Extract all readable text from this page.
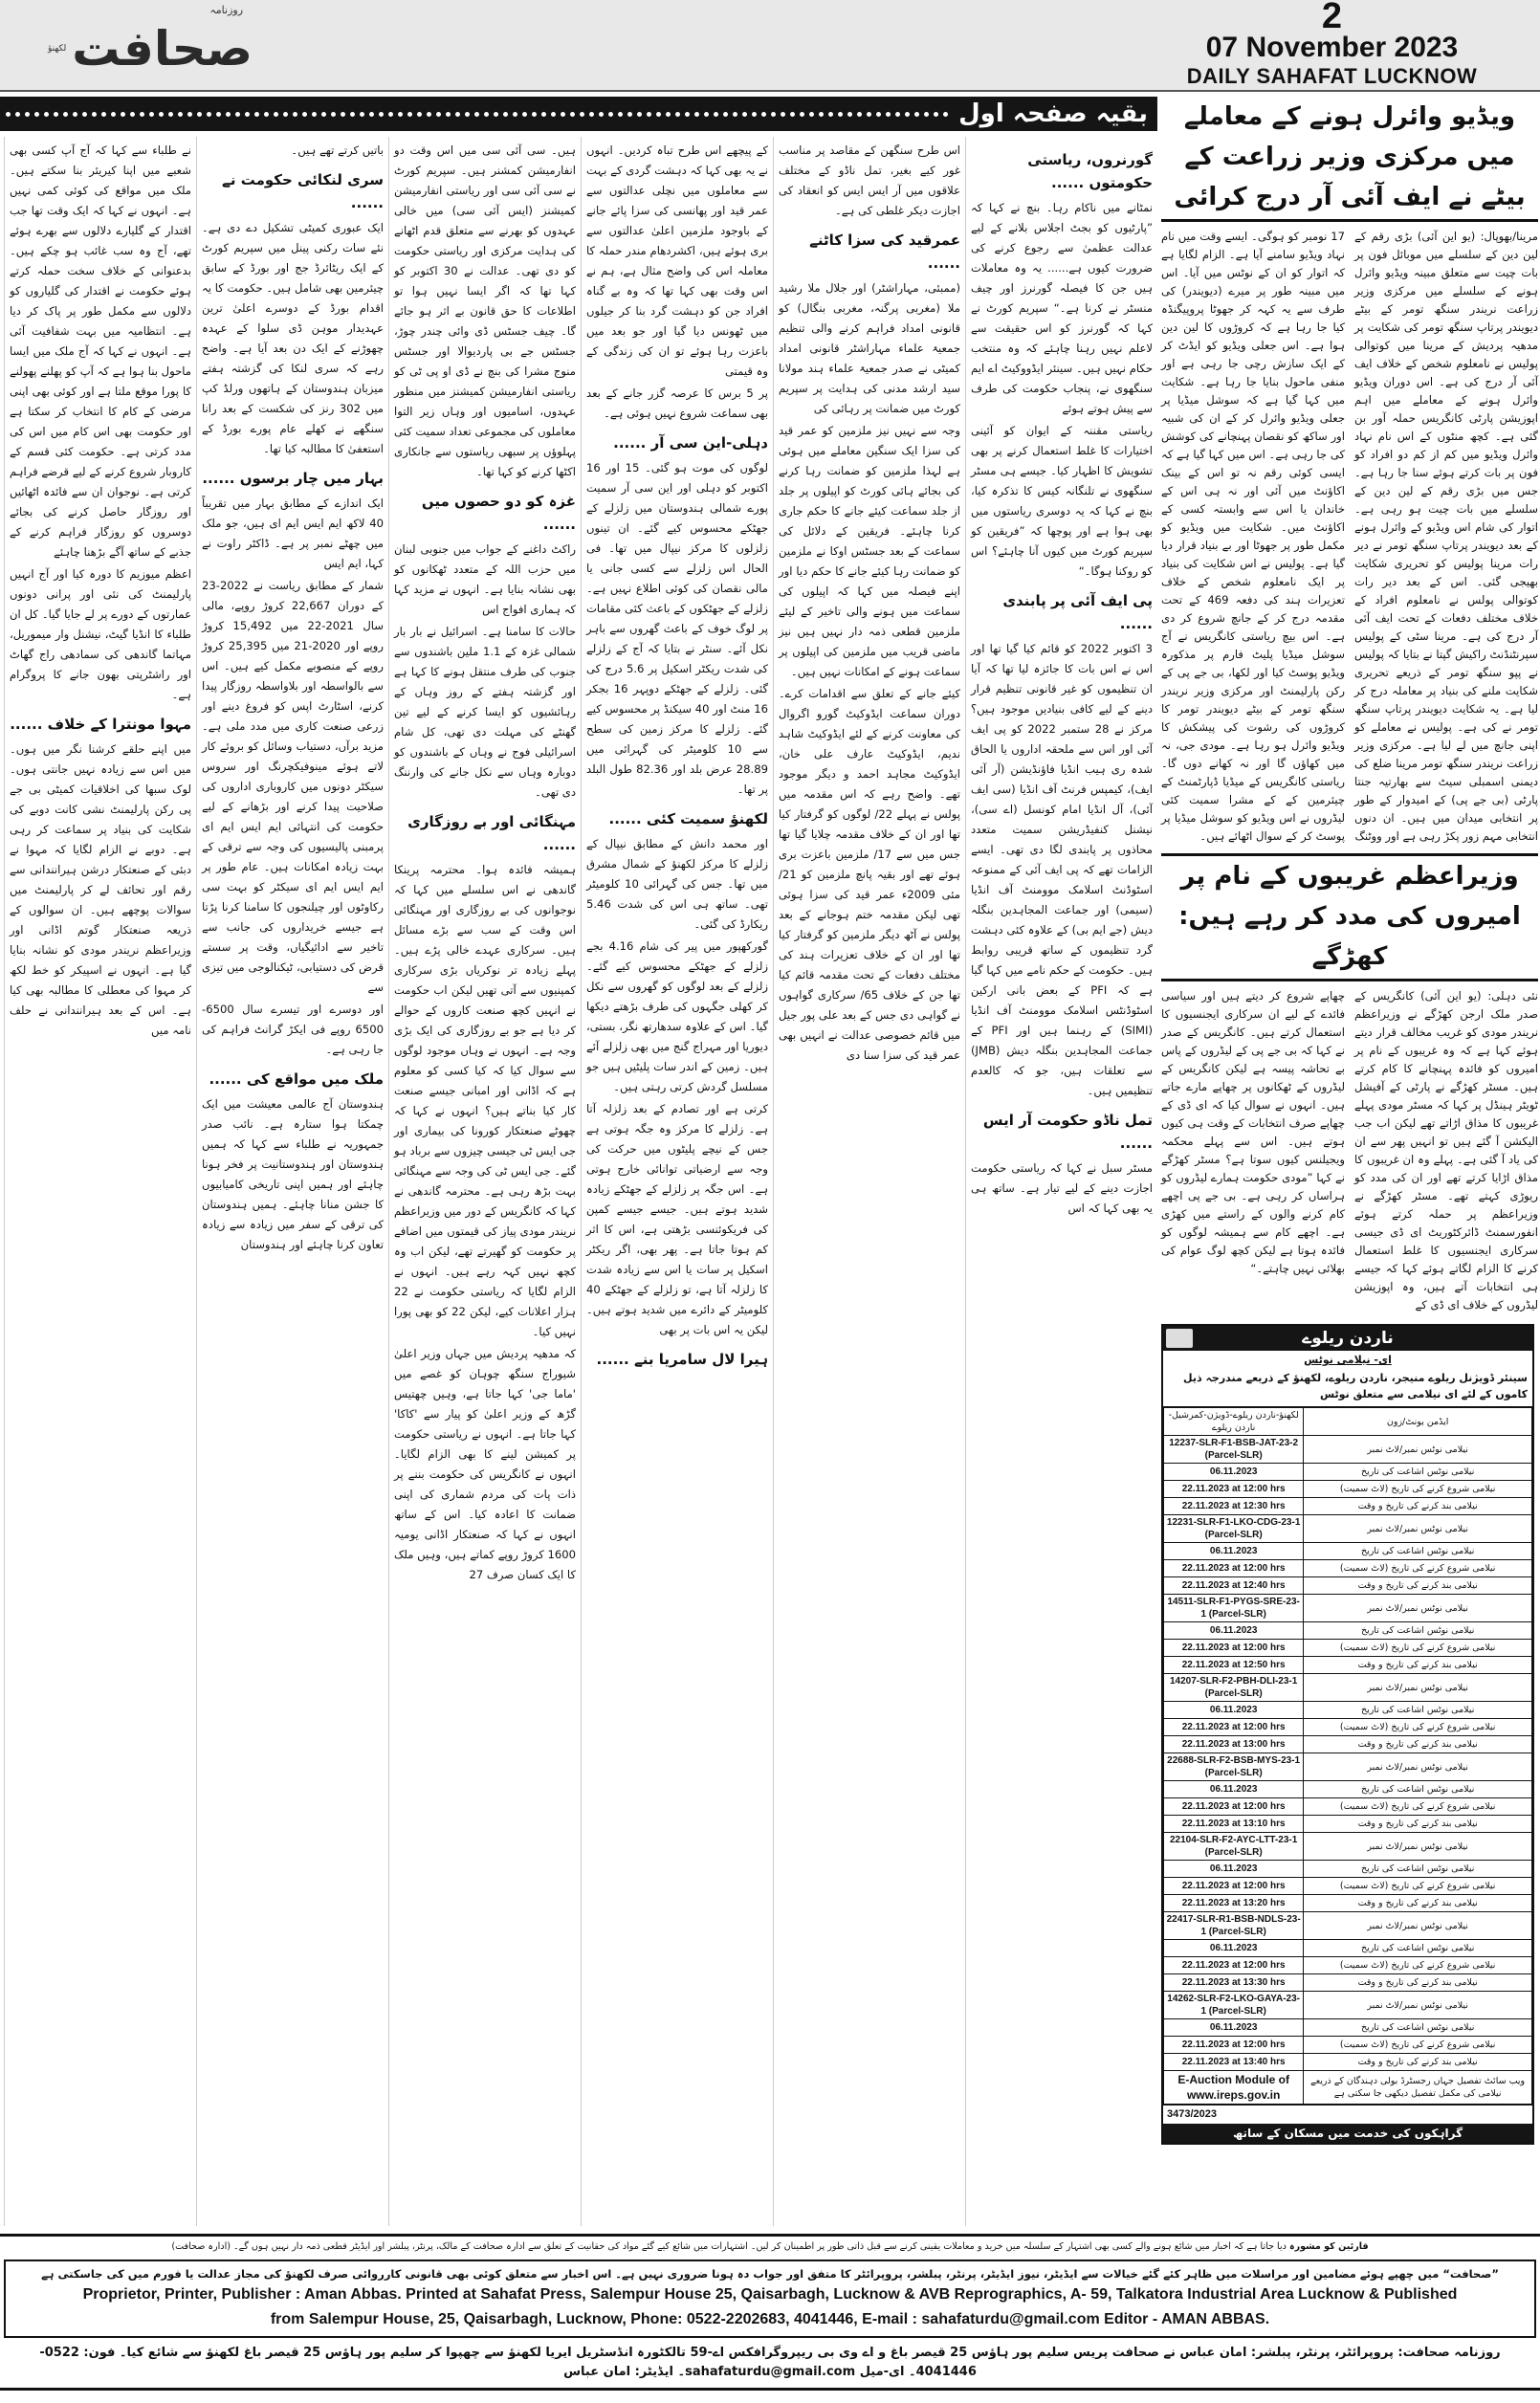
روزنامہ
لکھنؤ صحافت
2
07 November 2023
DAILY SAHAFAT LUCKNOW
بقیہ صفحہ اول
گورنروں، ریاستی حکومتوں ......

نمٹانے میں ناکام رہا۔ بنچ نے کہا کہ ”پارٹیوں کو بجٹ اجلاس بلانے کے لیے عدالت عظمیٰ سے رجوع کرنے کی ضرورت کیوں ہے...... یہ وہ معاملات ہیں جن کا فیصلہ گورنرز اور چیف منسٹر نے کرنا ہے۔“ سپریم کورٹ نے کہا کہ گورنرز کو اس حقیقت سے لاعلم نہیں رہنا چاہئے کہ وہ منتخب حکام نہیں ہیں۔ سینئر ایڈووکیٹ اے ایم سنگھوی نے، پنجاب حکومت کی طرف سے پیش ہوتے ہوئے

ریاستی مقننہ کے ایوان کو آئینی اختیارات کا غلط استعمال کرنے پر بھی تشویش کا اظہار کیا۔ جیسے ہی مسٹر سنگھوی نے تلنگانہ کیس کا تذکرہ کیا، بنچ نے کہا کہ یہ دوسری ریاستوں میں بھی ہوا ہے اور پوچھا کہ ”فریقین کو سپریم کورٹ میں کیوں آنا چاہئے؟ اس کو روکنا ہوگا۔“

پی ایف آئی پر پابندی ......

3 اکتوبر 2022 کو قائم کیا گیا تھا اور اس نے اس بات کا جائزہ لیا تھا کہ آیا ان تنظیموں کو غیر قانونی تنظیم قرار دینے کے لیے کافی بنیادیں موجود ہیں؟ مرکز نے 28 ستمبر 2022 کو پی ایف آئی اور اس سے ملحقہ اداروں یا الحاق شدہ ری ہیب انڈیا فاؤنڈیشن (آر آئی ایف)، کیمپس فرنٹ آف انڈیا (سی ایف آئی)، آل انڈیا امام کونسل (اے سی)، نیشنل کنفیڈریشن سمیت متعدد محاذوں پر پابندی لگا دی تھی۔ ایسے الزامات تھے کہ پی ایف آئی کے ممنوعہ اسٹوڈنٹ اسلامک موومنٹ آف انڈیا (سیمی) اور جماعت المجاہدین بنگلہ دیش (جے ایم بی) کے علاوہ کئی دہشت گرد تنظیموں کے ساتھ قریبی روابط ہیں۔ حکومت کے حکم نامے میں کہا گیا ہے کہ PFI کے بعض بانی ارکین اسٹوڈنٹس اسلامک موومنٹ آف انڈیا (SIMI) کے رہنما ہیں اور PFI کے جماعت المجاہدین بنگلہ دیش (JMB) سے تعلقات ہیں، جو کہ کالعدم تنظیمیں ہیں۔

تمل ناڈو حکومت آر ایس ......

مسٹر سبل نے کہا کہ ریاستی حکومت اجازت دینے کے لیے تیار ہے۔ ساتھ ہی یہ بھی کہا کہ اس

اس طرح سنگھن کے مقاصد پر مناسب غور کیے بغیر، تمل ناڈو کے مختلف علاقوں میں آر ایس ایس کو انعقاد کی اجازت دیکر غلطی کی ہے۔

عمرقید کی سزا کاٹنے ......

(ممبئی، مہاراشٹر) اور جلال ملا رشید ملا (مغربی پرگنہ، مغربی بنگال) کو قانونی امداد فراہم کرنے والی تنظیم جمعیۃ علماء مہاراشٹر قانونی امداد کمیٹی نے صدر جمعیۃ علماء ہند مولانا سید ارشد مدنی کی ہدایت پر سپریم کورٹ میں ضمانت پر رہائی کی

وجہ سے نہیں نیز ملزمین کو عمر قید کی سزا ایک سنگین معاملے میں ہوئی ہے لہذا ملزمین کو ضمانت رہا کرنے کی بجائے ہائی کورٹ کو اپیلوں پر جلد از جلد سماعت کیئے جانے کا حکم جاری کرنا چاہئے۔ فریقین کے دلائل کی سماعت کے بعد جسٹس اوکا نے ملزمین کو ضمانت رہا کیئے جانے کا حکم دیا اور اپنے فیصلہ میں کہا کہ اپیلوں کی سماعت میں ہونے والی تاخیر کے لیئے ملزمین قطعی ذمہ دار نہیں ہیں نیز ماضی قریب میں ملزمین کی اپیلوں پر سماعت ہونے کے امکانات نہیں ہیں۔

کیئے جانے کے تعلق سے اقدامات کرے۔ دوران سماعت ایڈوکیٹ گورو اگروال کی معاونت کرنے کے لئے ایڈوکیٹ شاہد ندیم، ایڈوکیٹ عارف علی خان، ایڈوکیٹ مجاہد احمد و دیگر موجود تھے۔ واضح رہے کہ اس مقدمہ میں پولس نے پہلے 22/ لوگوں کو گرفتار کیا تھا اور ان کے خلاف مقدمہ چلایا گیا تھا جس میں سے 17/ ملزمین باعزت بری ہوئے تھے اور بقیہ پانچ ملزمین کو 21/ مئی 2009ء عمر قید کی سزا ہوئی تھی لیکن مقدمہ ختم ہوجانے کے بعد پولس نے آٹھ دیگر ملزمین کو گرفتار کیا تھا اور ان کے خلاف تعزیرات ہند کی مختلف دفعات کے تحت مقدمہ قائم کیا تھا جن کے خلاف 65/ سرکاری گواہوں نے گواہی دی جس کے بعد علی پور جیل میں قائم خصوصی عدالت نے انہیں بھی عمر قید کی سزا سنا دی

کے پیچھے اس طرح تباہ کردیں۔ انہوں نے یہ بھی کہا کہ دہشت گردی کے بہت سے معاملوں میں نچلی عدالتوں سے عمر قید اور پھانسی کی سزا پائے جانے کے باوجود ملزمین اعلیٰ عدالتوں سے بری ہوئے ہیں، اکشردھام مندر حملہ کا معاملہ اس کی واضح مثال ہے، ہم نے اس وقت بھی کہا تھا کہ وہ بے گناہ افراد جن کو دہشت گرد بنا کر جیلوں میں ٹھونس دیا گیا اور جو بعد میں باعزت رہا ہوئے تو ان کی زندگی کے وہ قیمتی

پر 5 برس کا عرصہ گزر جانے کے بعد بھی سماعت شروع نہیں ہوئی ہے۔

دہلی-این سی آر ......

لوگوں کی موت ہو گئی۔ 15 اور 16 اکتوبر کو دہلی اور این سی آر سمیت پورے شمالی ہندوستان میں زلزلے کے جھٹکے محسوس کیے گئے۔ ان تینوں زلزلوں کا مرکز نیپال میں تھا۔ فی الحال اس زلزلے سے کسی جانی یا مالی نقصان کی کوئی اطلاع نہیں ہے۔ زلزلے کے جھٹکوں کے باعث کئی مقامات پر لوگ خوف کے باعث گھروں سے باہر نکل آئے۔ سنٹر نے بتایا کہ آج کے زلزلے کی شدت ریکٹر اسکیل پر 5.6 درج کی گئی۔ زلزلے کے جھٹکے دوپہر 16 بجکر 16 منٹ اور 40 سیکنڈ پر محسوس کیے گئے۔ زلزلے کا مرکز زمین کی سطح سے 10 کلومیٹر کی گہرائی میں 28.89 عرض بلد اور 82.36 طول البلد پر تھا۔

لکھنؤ سمیت کئی ......

اور محمد دانش کے مطابق نیپال کے زلزلے کا مرکز لکھنؤ کے شمال مشرق میں تھا۔ جس کی گہرائی 10 کلومیٹر تھی۔ ساتھ ہی اس کی شدت 5.46 ریکارڈ کی گئی۔

گورکھپور میں پیر کی شام 4.16 بجے زلزلے کے جھٹکے محسوس کیے گئے۔ زلزلے کے بعد لوگوں کو گھروں سے نکل کر کھلی جگہوں کی طرف بڑھتے دیکھا گیا۔ اس کے علاوہ سدھارتھ نگر، بستی، دیوریا اور مہراج گنج میں بھی زلزلے آئے ہیں۔ زمین کے اندر سات پلیٹیں ہیں جو مسلسل گردش کرتی رہتی ہیں۔

کرتی ہے اور تصادم کے بعد زلزلہ آتا ہے۔ زلزلے کا مرکز وہ جگہ ہوتی ہے جس کے نیچے پلیٹوں میں حرکت کی وجہ سے ارضیاتی توانائی خارج ہوتی ہے۔ اس جگہ پر زلزلے کے جھٹکے زیادہ شدید ہوتے ہیں۔ جیسے جیسے کمپن کی فریکوئنسی بڑھتی ہے، اس کا اثر کم ہوتا جاتا ہے۔ پھر بھی، اگر ریکٹر اسکیل پر سات یا اس سے زیادہ شدت کا زلزلہ آتا ہے، تو زلزلے کے جھٹکے 40 کلومیٹر کے دائرے میں شدید ہوتے ہیں۔ لیکن یہ اس بات پر بھی

ہیرا لال سامریا بنے ......

ہیں۔ سی آئی سی میں اس وقت دو انفارمیشن کمشنر ہیں۔ سپریم کورٹ نے سی آئی سی اور ریاستی انفارمیشن کمیشنز (ایس آئی سی) میں خالی عہدوں کو بھرنے سے متعلق قدم اٹھانے کی ہدایت مرکزی اور ریاستی حکومت کو دی تھی۔ عدالت نے 30 اکتوبر کو کہا تھا کہ اگر ایسا نہیں ہوا تو اطلاعات کا حق قانون بے اثر ہو جائے گا۔ چیف جسٹس ڈی وائی چندر چوڑ، جسٹس جے بی پاردیوالا اور جسٹس منوج مشرا کی بنچ نے ڈی او پی ٹی کو ریاستی انفارمیشن کمیشنز میں منظور عہدوں، اسامیوں اور وہاں زیر التوا معاملوں کی مجموعی تعداد سمیت کئی پہلوؤں پر سبھی ریاستوں سے جانکاری اکٹھا کرنے کو کہا تھا۔

غزہ کو دو حصوں میں ......

راکٹ داغنے کے جواب میں جنوبی لبنان میں حزب اللہ کے متعدد ٹھکانوں کو بھی نشانہ بنایا ہے۔ انہوں نے مزید کہا کہ ہماری افواج اس

حالات کا سامنا ہے۔ اسرائیل نے بار بار شمالی غزہ کے 1.1 ملین باشندوں سے جنوب کی طرف منتقل ہونے کا کہا ہے اور گزشتہ ہفتے کے روز وہاں کے رہائشیوں کو ایسا کرنے کے لیے تین گھنٹے کی مہلت دی تھی، کل شام اسرائیلی فوج نے وہاں کے باشندوں کو دوبارہ وہاں سے نکل جانے کی وارننگ دی تھی۔

مہنگائی اور بے روزگاری ......

ہمیشہ فائدہ ہوا۔ محترمہ پرینکا گاندھی نے اس سلسلے میں کہا کہ نوجوانوں کی بے روزگاری اور مہنگائی اس وقت کے سب سے بڑے مسائل ہیں۔ سرکاری عہدے خالی پڑے ہیں۔ پہلے زیادہ تر نوکریاں بڑی سرکاری کمپنیوں سے آتی تھیں لیکن اب حکومت نے انہیں کچھ صنعت کاروں کے حوالے کر دیا ہے جو بے روزگاری کی ایک بڑی وجہ ہے۔ انہوں نے وہاں موجود لوگوں سے سوال کیا کہ کیا کسی کو معلوم ہے کہ اڈانی اور امبانی جیسے صنعت کار کیا بناتے ہیں؟ انہوں نے کہا کہ چھوٹے صنعتکار کورونا کی بیماری اور جی ایس ٹی جیسی چیزوں سے برباد ہو گئے۔ جی ایس ٹی کی وجہ سے مہنگائی بہت بڑھ رہی ہے۔ محترمہ گاندھی نے کہا کہ کانگریس کے دور میں وزیراعظم نریندر مودی پیاز کی قیمتوں میں اضافے پر حکومت کو گھیرتے تھے، لیکن اب وہ کچھ نہیں کہہ رہے ہیں۔ انہوں نے الزام لگایا کہ ریاستی حکومت نے 22 ہزار اعلانات کیے، لیکن 22 کو بھی پورا نہیں کیا۔

کہ مدھیہ پردیش میں جہاں وزیر اعلیٰ شیوراج سنگھ چوہان کو غصے میں 'ماما جی' کہا جاتا ہے، وہیں چھتیس گڑھ کے وزیر اعلیٰ کو پیار سے 'کاکا' کہا جاتا ہے۔ انہوں نے ریاستی حکومت پر کمیشن لینے کا بھی الزام لگایا۔ انہوں نے کانگریس کی حکومت بننے پر ذات پات کی مردم شماری کی اپنی ضمانت کا اعادہ کیا۔ اس کے ساتھ انہوں نے کہا کہ صنعتکار اڈانی یومیہ 1600 کروڑ روپے کماتے ہیں، وہیں ملک کا ایک کسان صرف 27

باتیں کرتے تھے ہیں۔

سری لنکائی حکومت نے ......

ایک عبوری کمیٹی تشکیل دے دی ہے۔ نئے سات رکنی پینل میں سپریم کورٹ کے ایک ریٹائرڈ جج اور بورڈ کے سابق چیئرمین بھی شامل ہیں۔ حکومت کا یہ اقدام بورڈ کے دوسرے اعلیٰ ترین عہدیدار موہن ڈی سلوا کے عہدہ چھوڑنے کے ایک دن بعد آیا ہے۔ واضح رہے کہ سری لنکا کی گزشتہ ہفتے میزبان ہندوستان کے ہاتھوں ورلڈ کپ میں 302 رنز کی شکست کے بعد رانا سنگھے نے کھلے عام پورے بورڈ کے استعفیٰ کا مطالبہ کیا تھا۔

بہار میں چار برسوں ......

ایک اندازے کے مطابق بہار میں تقریباً 40 لاکھ ایم ایس ایم ای ہیں، جو ملک میں چھٹے نمبر پر ہے۔ ڈاکٹر راوت نے کہا، ایم ایس

شمار کے مطابق ریاست نے 2022-23 کے دوران 22,667 کروڑ روپے، مالی سال 2021-22 میں 15,492 کروڑ روپے اور 2020-21 میں 25,395 کروڑ روپے کے منصوبے مکمل کیے ہیں۔ اس سے بالواسطہ اور بلاواسطہ روزگار پیدا کرنے، اسٹارٹ اپس کو فروغ دینے اور زرعی صنعت کاری میں مدد ملی ہے۔ مزید برآں، دستیاب وسائل کو بروئے کار لاتے ہوئے مینوفیکچرنگ اور سروس سیکٹر دونوں میں کاروباری اداروں کی صلاحیت پیدا کرنے اور بڑھانے کے لیے حکومت کی انتہائی ایم ایس ایم ای پرمبنی پالیسیوں کی وجہ سے ترقی کے بہت زیادہ امکانات ہیں۔ عام طور پر ایم ایس ایم ای سیکٹر کو بہت سی رکاوٹوں اور چیلنجوں کا سامنا کرنا پڑتا ہے جیسے خریداروں کی جانب سے تاخیر سے ادائیگیاں، وقت پر سستے قرض کی دستیابی، ٹیکنالوجی میں تیزی سے

اور دوسرے اور تیسرے سال 6500-6500 روپے فی ایکڑ گرانٹ فراہم کی جا رہی ہے۔

ملک میں مواقع کی ......

ہندوستان آج عالمی معیشت میں ایک چمکتا ہوا ستارہ ہے۔ نائب صدر جمہوریہ نے طلباء سے کہا کہ ہمیں ہندوستان اور ہندوستانیت پر فخر ہونا چاہئے اور ہمیں اپنی تاریخی کامیابیوں کا جشن منانا چاہئے۔ ہمیں ہندوستان کی ترقی کے سفر میں زیادہ سے زیادہ تعاون کرنا چاہئے اور ہندوستان

نے طلباء سے کہا کہ آج آپ کسی بھی شعبے میں اپنا کیریئر بنا سکتے ہیں۔ ملک میں مواقع کی کوئی کمی نہیں ہے۔ انہوں نے کہا کہ ایک وقت تھا جب اقتدار کے گلیارے دلالوں سے بھرے ہوئے تھے، آج وہ سب غائب ہو چکے ہیں۔ بدعنوانی کے خلاف سخت حملہ کرتے ہوئے حکومت نے اقتدار کی گلیاروں کو دلالوں سے مکمل طور پر پاک کر دیا ہے۔ انتظامیہ میں بہت شفافیت آئی ہے۔ انہوں نے کہا کہ آج ملک میں ایسا ماحول بنا ہوا ہے کہ آپ کو پھلنے پھولنے کا پورا موقع ملتا ہے اور کوئی بھی اپنی مرضی کے کام کا انتخاب کر سکتا ہے اور حکومت بھی اس کام میں اس کی مدد کرتی ہے۔ حکومت کئی قسم کے کاروبار شروع کرنے کے لیے قرضے فراہم کرتی ہے۔ نوجوان ان سے فائدہ اٹھائیں اور روزگار حاصل کرنے کی بجائے دوسروں کو روزگار فراہم کرنے کے جذبے کے ساتھ آگے بڑھنا چاہئے

اعظم میوزیم کا دورہ کیا اور آج انہیں پارلیمنٹ کی نئی اور پرانی دونوں عمارتوں کے دورے پر لے جایا گیا۔ کل ان طلباء کا انڈیا گیٹ، نیشنل وار میموریل، مہاتما گاندھی کی سمادھی راج گھاٹ اور راشٹرپتی بھون جانے کا پروگرام ہے۔

مہوا مونترا کے خلاف ......

میں اپنے حلقے کرشنا نگر میں ہوں۔ میں اس سے زیادہ نہیں جانتی ہوں۔ لوک سبھا کی اخلاقیات کمیٹی بی جے پی رکن پارلیمنٹ نشی کانت دوبے کی شکایت کی بنیاد پر سماعت کر رہی ہے۔ دوبے نے الزام لگایا کہ مہوا نے دبئی کے صنعتکار درشن ہیرانندانی سے رقم اور تحائف لے کر پارلیمنٹ میں سوالات پوچھے ہیں۔ ان سوالوں کے ذریعہ صنعتکار گوتم اڈانی اور وزیراعظم نریندر مودی کو نشانہ بنایا گیا ہے۔ انہوں نے اسپیکر کو خط لکھ کر مہوا کی معطلی کا مطالبہ بھی کیا ہے۔ اس کے بعد ہیرانندانی نے حلف نامہ میں

ویڈیو وائرل ہونے کے معاملے میں مرکزی وزیر زراعت کے بیٹے نے ایف آئی آر درج کرائی

مرینا/بھوپال: (یو این آئی) بڑی رقم کے لین دین کے سلسلے میں موبائل فون پر بات چیت سے متعلق مبینہ ویڈیو وائرل ہونے کے سلسلے میں مرکزی وزیر زراعت نریندر سنگھ تومر کے بیٹے دیویندر پرتاپ سنگھ تومر کی شکایت پر مدھیہ پردیش کے مرینا میں کوتوالی پولیس نے نامعلوم شخص کے خلاف ایف آئی آر درج کی ہے۔ اس دوران ویڈیو وائرل ہونے کے معاملے میں اہم اپوزیشن پارٹی کانگریس حملہ آور بن گئی ہے۔ کچھ منٹوں کے اس نام نہاد وائرل ویڈیو میں کم از کم دو افراد کو فون پر بات کرتے ہوئے سنا جا رہا ہے۔ جس میں بڑی رقم کے لین دین کے سلسلے میں بات چیت ہو رہی ہے۔ اتوار کی شام اس ویڈیو کے وائرل ہونے کے بعد دیویندر پرتاپ سنگھ تومر نے دیر رات مرینا پولیس کو تحریری شکایت بھیجی گئی۔ اس کے بعد دیر رات کوتوالی پولس نے نامعلوم افراد کے خلاف مختلف دفعات کے تحت ایف آئی آر درج کی ہے۔ مرینا سٹی کے پولیس سپرنٹنڈنٹ راکیش گپتا نے بتایا کہ پولیس نے پپو سنگھ تومر کے ذریعے تحریری شکایت ملنے کی بنیاد پر معاملہ درج کر لیا ہے۔ یہ شکایت دیویندر پرتاپ سنگھ تومر نے کی ہے۔ پولیس نے معاملے کو اپنی جانچ میں لے لیا ہے۔ مرکزی وزیر زراعت نریندر سنگھ تومر مرینا ضلع کی دیمنی اسمبلی سیٹ سے بھارتیہ جنتا پارٹی (بی جے پی) کے امیدوار کے طور پر انتخابی میدان میں ہیں۔ ان دنوں انتخابی مہم زور پکڑ رہی ہے اور ووٹنگ

17 نومبر کو ہوگی۔ ایسے وقت میں نام نہاد ویڈیو سامنے آیا ہے۔ الزام لگایا ہے کہ اتوار کو ان کے نوٹس میں آیا۔ اس میں مبینہ طور پر میرے (دیویندر) کی طرف سے یہ کہہ کر جھوٹا پروپیگنڈہ کیا جا رہا ہے کہ کروڑوں کا لین دین ہوا ہے۔ اس جعلی ویڈیو کو ایڈٹ کر کے ایک سازش رچی جا رہی ہے اور منفی ماحول بنایا جا رہا ہے۔ شکایت میں کہا گیا ہے کہ سوشل میڈیا پر جعلی ویڈیو وائرل کر کے ان کی شبیہ اور ساکھ کو نقصان پہنچانے کی کوشش کی جا رہی ہے۔ اس میں کہا گیا ہے کہ ایسی کوئی رقم نہ تو اس کے بینک اکاؤنٹ میں آئی اور نہ ہی اس کے خاندان یا اس سے وابستہ کسی کے اکاؤنٹ میں۔ شکایت میں ویڈیو کو مکمل طور پر جھوٹا اور بے بنیاد قرار دیا گیا ہے۔ پولیس نے اس شکایت کی بنیاد پر ایک نامعلوم شخص کے خلاف تعزیرات ہند کی دفعہ 469 کے تحت مقدمہ درج کر کے جانچ شروع کر دی ہے۔ اس بیچ ریاستی کانگریس نے آج سوشل میڈیا پلیٹ فارم پر مذکورہ ویڈیو پوسٹ کیا اور لکھا، بی جے پی کے رکن پارلیمنٹ اور مرکزی وزیر نریندر سنگھ تومر کے بیٹے دیویندر تومر کا کروڑوں کی رشوت کی پیشکش کا ویڈیو وائرل ہو رہا ہے۔ مودی جی، نہ میں کھاؤں گا اور نہ کھانے دوں گا۔ ریاستی کانگریس کے میڈیا ڈپارٹمنٹ کے چیئرمین کے کے مشرا سمیت کئی لیڈروں نے اس ویڈیو کو سوشل میڈیا پر پوسٹ کر کے سوال اٹھائے ہیں۔

وزیراعظم غریبوں کے نام پر امیروں کی مدد کر رہے ہیں: کھڑگے

نئی دہلی: (یو این آئی) کانگریس کے صدر ملک ارجن کھڑگے نے وزیراعظم نریندر مودی کو غریب مخالف قرار دیتے ہوئے کہا ہے کہ وہ غریبوں کے نام پر امیروں کو فائدہ پہنچانے کا کام کرتے ہیں۔ مسٹر کھڑگے نے پارٹی کے آفیشل ٹویٹر ہینڈل پر کہا کہ مسٹر مودی پہلے غریبوں کا مذاق اڑاتے تھے لیکن اب جب الیکشن آ گئے ہیں تو انہیں پھر سے ان کی یاد آ گئی ہے۔ پہلے وہ ان غریبوں کا مذاق اڑایا کرتے تھے اور ان کی مدد کو ریوڑی کہتے تھے۔ مسٹر کھڑگے نے وزیراعظم پر حملہ کرتے ہوئے انفورسمنٹ ڈائرکٹوریٹ ای ڈی جیسی سرکاری ایجنسیوں کا غلط استعمال کرنے کا الزام لگاتے ہوئے کہا کہ جیسے ہی انتخابات آتے ہیں، وہ اپوزیشن لیڈروں کے خلاف ای ڈی کے

چھاپے شروع کر دیتے ہیں اور سیاسی فائدے کے لیے ان سرکاری ایجنسیوں کا استعمال کرتے ہیں۔ کانگریس کے صدر نے کہا کہ بی جے پی کے لیڈروں کے پاس بے تحاشہ پیسہ ہے لیکن کانگریس کے لیڈروں کے ٹھکانوں پر چھاپے مارے جاتے ہیں۔ انہوں نے سوال کیا کہ ای ڈی کے چھاپے صرف انتخابات کے وقت ہی کیوں ہوتے ہیں۔ اس سے پہلے محکمہ ویجیلنس کیوں سوتا ہے؟ مسٹر کھڑگے نے کہا ”مودی حکومت ہمارے لیڈروں کو ہراساں کر رہی ہے۔ بی جے پی اچھے کام کرنے والوں کے راستے میں کھڑی ہے۔ اچھے کام سے ہمیشہ لوگوں کو فائدہ ہوتا ہے لیکن کچھ لوگ عوام کی بھلائی نہیں چاہتے۔“

ناردن ریلوے
ای- نیلامی نوٹس
سینئر ڈویژنل ریلوے منیجر، ناردن ریلوے، لکھنؤ کے ذریعے مندرجہ ذیل کاموں کے لئے ای نیلامی سے متعلق نوٹس
لکھنؤ-ناردن ریلوے-ڈویژن-کمرشیل-ناردن ریلوے	ایڈمن یونٹ/زون
12237-SLR-F1-BSB-JAT-23-2 (Parcel-SLR)	نیلامی نوٹس نمبر/لاٹ نمبر
06.11.2023	نیلامی نوٹس اشاعت کی تاریخ
22.11.2023 at 12:00 hrs	نیلامی شروع کرنے کی تاریخ (لاٹ سمیت)
22.11.2023 at 12:30 hrs	نیلامی بند کرنے کی تاریخ و وقت
12231-SLR-F1-LKO-CDG-23-1 (Parcel-SLR)	نیلامی نوٹس نمبر/لاٹ نمبر
06.11.2023	نیلامی نوٹس اشاعت کی تاریخ
22.11.2023 at 12:00 hrs	نیلامی شروع کرنے کی تاریخ (لاٹ سمیت)
22.11.2023 at 12:40 hrs	نیلامی بند کرنے کی تاریخ و وقت
14511-SLR-F1-PYGS-SRE-23-1 (Parcel-SLR)	نیلامی نوٹس نمبر/لاٹ نمبر
06.11.2023	نیلامی نوٹس اشاعت کی تاریخ
22.11.2023 at 12:00 hrs	نیلامی شروع کرنے کی تاریخ (لاٹ سمیت)
22.11.2023 at 12:50 hrs	نیلامی بند کرنے کی تاریخ و وقت
14207-SLR-F2-PBH-DLI-23-1 (Parcel-SLR)	نیلامی نوٹس نمبر/لاٹ نمبر
06.11.2023	نیلامی نوٹس اشاعت کی تاریخ
22.11.2023 at 12:00 hrs	نیلامی شروع کرنے کی تاریخ (لاٹ سمیت)
22.11.2023 at 13:00 hrs	نیلامی بند کرنے کی تاریخ و وقت
22688-SLR-F2-BSB-MYS-23-1 (Parcel-SLR)	نیلامی نوٹس نمبر/لاٹ نمبر
06.11.2023	نیلامی نوٹس اشاعت کی تاریخ
22.11.2023 at 12:00 hrs	نیلامی شروع کرنے کی تاریخ (لاٹ سمیت)
22.11.2023 at 13:10 hrs	نیلامی بند کرنے کی تاریخ و وقت
22104-SLR-F2-AYC-LTT-23-1 (Parcel-SLR)	نیلامی نوٹس نمبر/لاٹ نمبر
06.11.2023	نیلامی نوٹس اشاعت کی تاریخ
22.11.2023 at 12:00 hrs	نیلامی شروع کرنے کی تاریخ (لاٹ سمیت)
22.11.2023 at 13:20 hrs	نیلامی بند کرنے کی تاریخ و وقت
22417-SLR-R1-BSB-NDLS-23-1 (Parcel-SLR)	نیلامی نوٹس نمبر/لاٹ نمبر
06.11.2023	نیلامی نوٹس اشاعت کی تاریخ
22.11.2023 at 12:00 hrs	نیلامی شروع کرنے کی تاریخ (لاٹ سمیت)
22.11.2023 at 13:30 hrs	نیلامی بند کرنے کی تاریخ و وقت
14262-SLR-F2-LKO-GAYA-23-1 (Parcel-SLR)	نیلامی نوٹس نمبر/لاٹ نمبر
06.11.2023	نیلامی نوٹس اشاعت کی تاریخ
22.11.2023 at 12:00 hrs	نیلامی شروع کرنے کی تاریخ (لاٹ سمیت)
22.11.2023 at 13:40 hrs	نیلامی بند کرنے کی تاریخ و وقت

E-Auction Module of
www.ireps.gov.in	ویب سائٹ تفصیل جہاں رجسٹرڈ بولی دہندگان کے ذریعے نیلامی کی مکمل تفصیل دیکھی جا سکتی ہے
3473/2023
گراہکوں کی خدمت میں مسکان کے ساتھ
قارئین کو مشورہ دیا جاتا ہے کہ اخبار میں شائع ہونے والے کسی بھی اشتہار کے سلسلہ میں خرید و معاملات یقینی کرنے سے قبل ذاتی طور پر اطمینان کر لیں۔ اشتہارات میں شائع کیے گئے مواد کی حقانیت کے تعلق سے ادارہ صحافت کے مالک، پرنٹر، پبلشر اور ایڈیٹر قطعی ذمہ دار نہیں ہوں گے۔ (ادارہ صحافت)
”صحافت“ میں چھپے ہوئے مضامین اور مراسلات میں ظاہر کئے گئے خیالات سے ایڈیٹر، نیوز ایڈیٹر، پرنٹر، پبلشر، پروپرائٹر کا متفق اور جواب دہ ہونا ضروری نہیں ہے۔ اس اخبار سے متعلق کوئی بھی قانونی کارروائی صرف لکھنؤ کی مجاز عدالت یا فورم میں کی جاسکتی ہے
Proprietor, Printer, Publisher : Aman Abbas. Printed at Sahafat Press, Salempur House 25, Qaisarbagh, Lucknow & AVB Reprographics, A- 59, Talkatora Industrial Area Lucknow & Published
from Salempur House, 25, Qaisarbagh, Lucknow, Phone: 0522-2202683, 4041446, E-mail : sahafaturdu@gmail.com Editor - AMAN ABBAS.
روزنامہ صحافت: پروپرائٹر، پرنٹر، پبلشر: امان عباس نے صحافت پریس سلیم پور ہاؤس 25 قیصر باغ و اے وی بی ریپروگرافکس اے-59 تالکٹورہ انڈسٹریل ایریا لکھنؤ سے چھپوا کر سلیم پور ہاؤس 25 قیصر باغ لکھنؤ سے شائع کیا۔ فون: 0522-4041446۔ ای-میل sahafaturdu@gmail.com۔ ایڈیٹر: امان عباس
